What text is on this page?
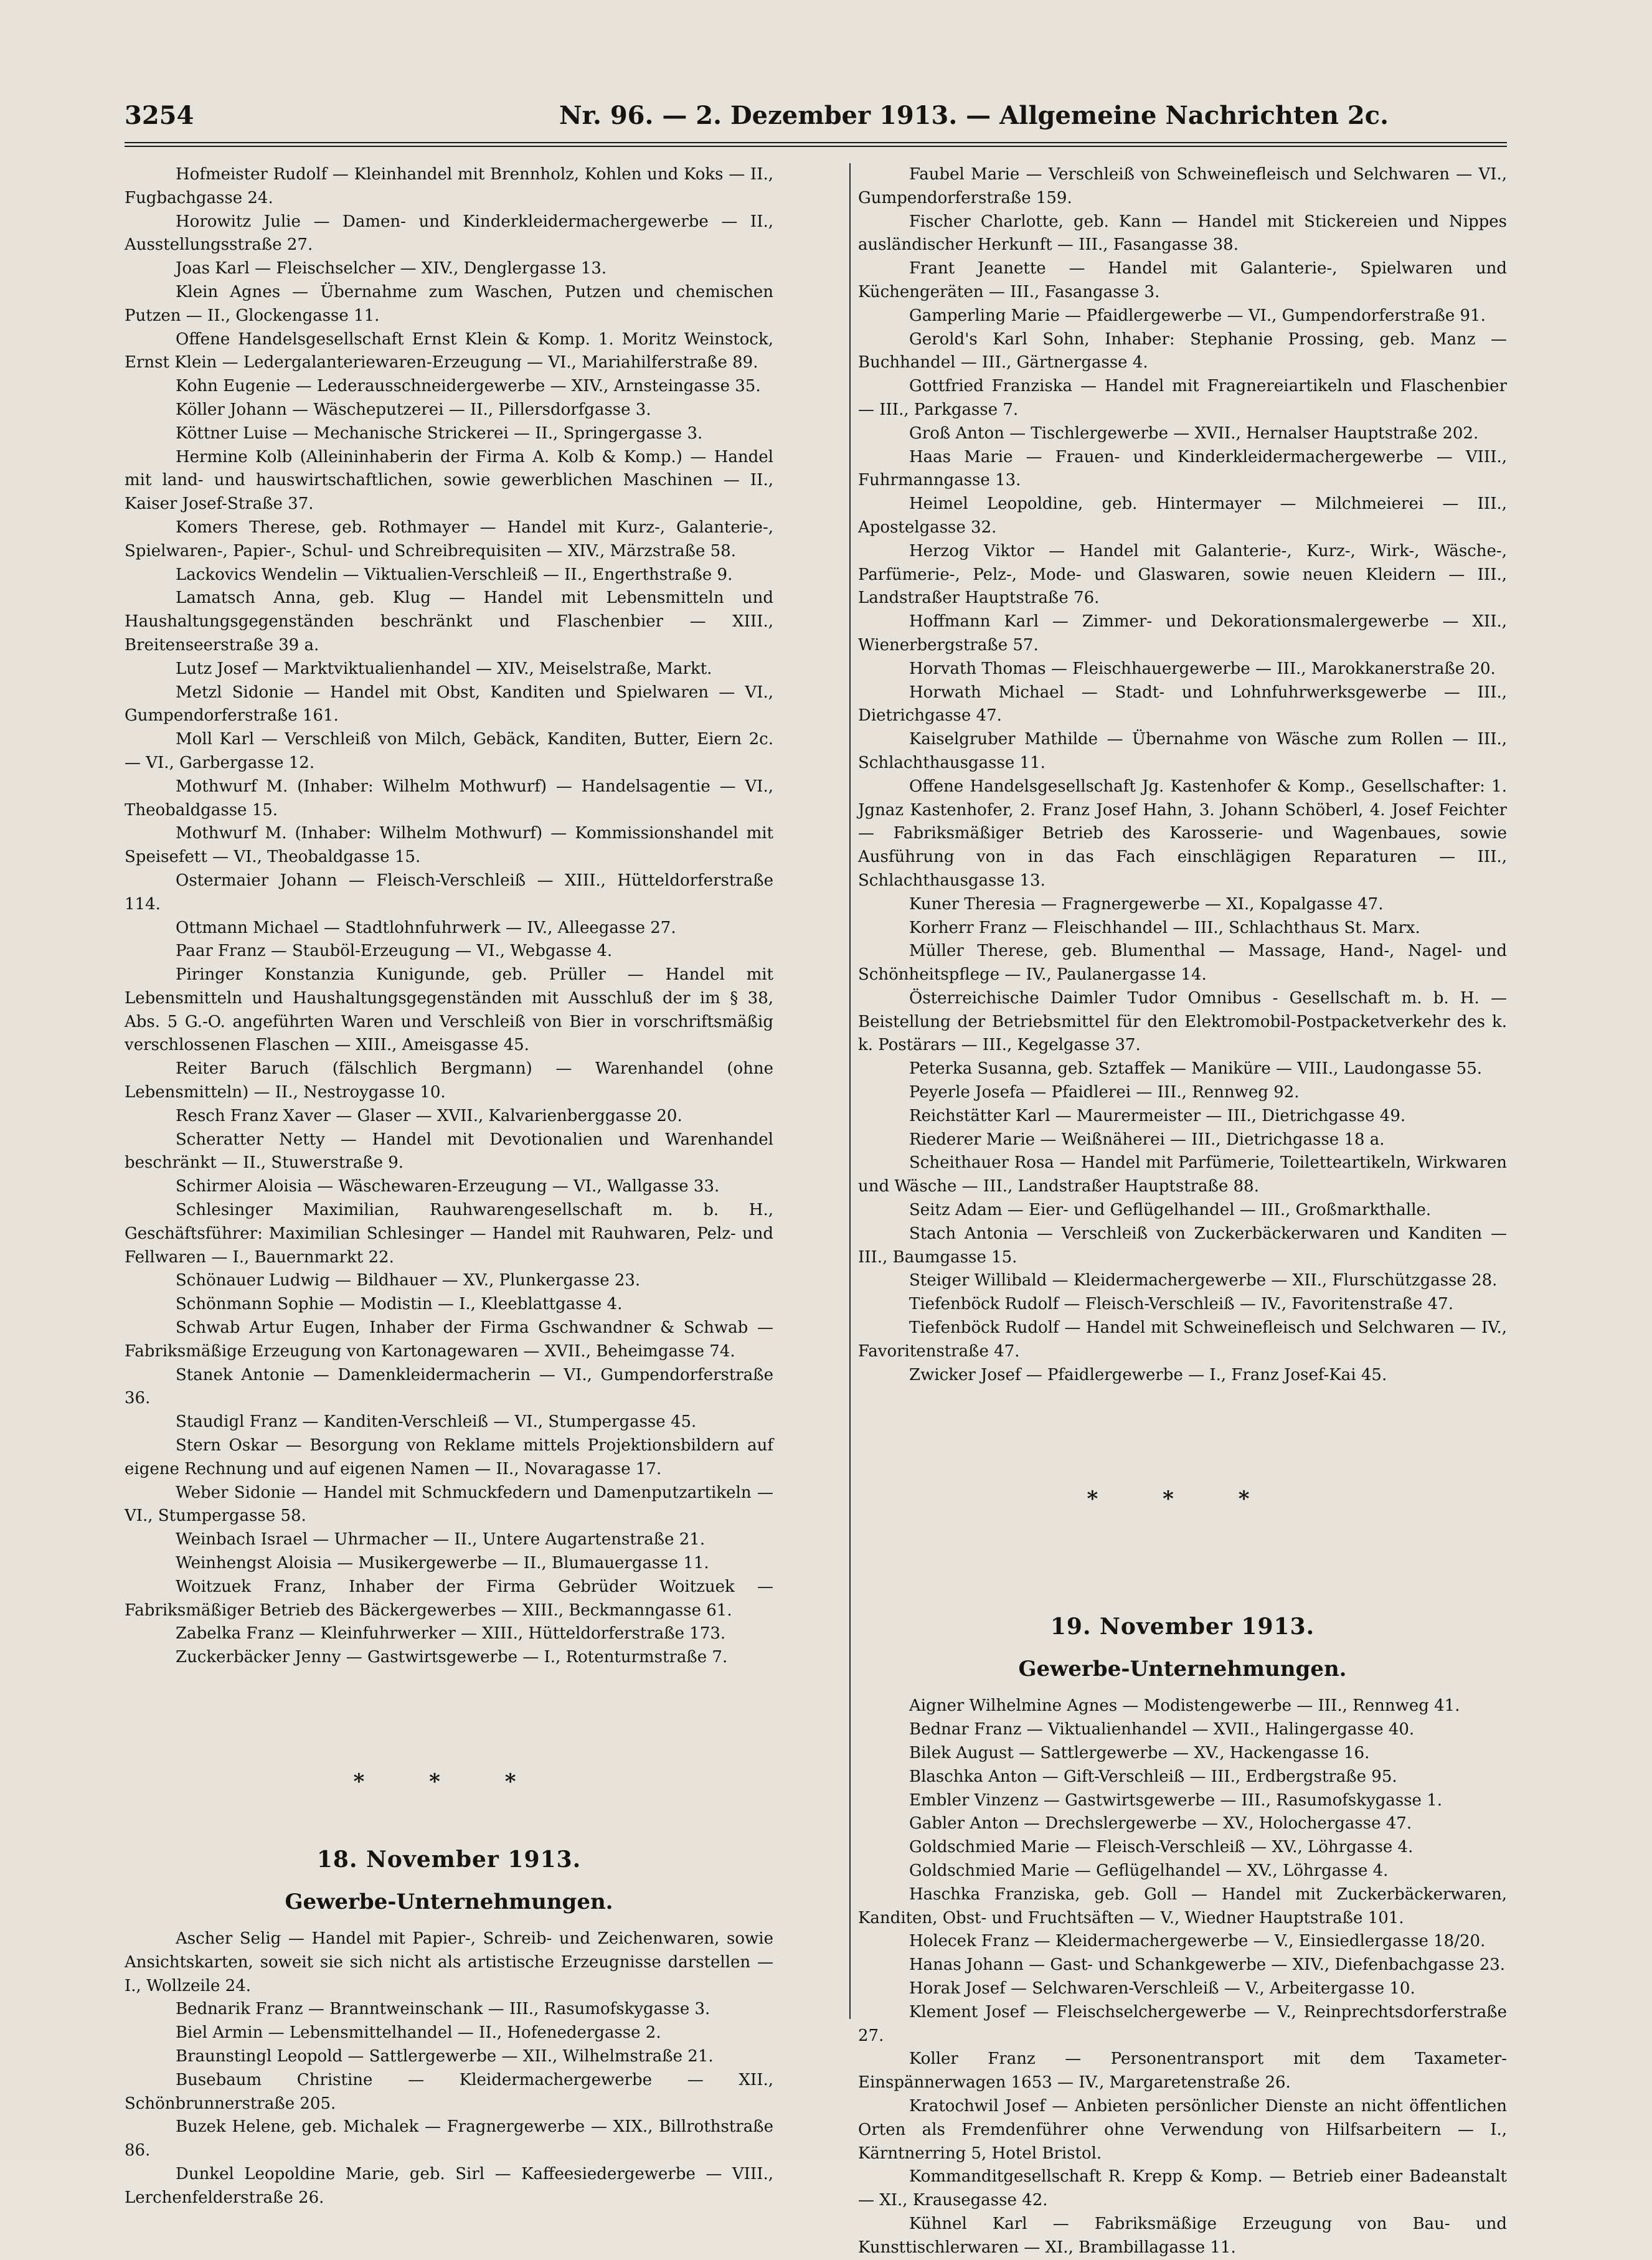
3254	Nr. 96. — 2. Dezember 1913. — Allgemeine Nachrichten 2c.

Hofmeister Rudolf — Kleinhandel mit Brennholz, Kohlen und Koks — II., Fugbachgasse 24.

Horowitz Julie — Damen- und Kinderkleidermachergewerbe — II., Ausstellungsstraße 27.

Joas Karl — Fleischselcher — XIV., Denglergasse 13.

Klein Agnes — Übernahme zum Waschen, Putzen und chemischen Putzen — II., Glockengasse 11.

Offene Handelsgesellschaft Ernst Klein & Komp. 1. Moritz Weinstock, Ernst Klein — Ledergalanteriewaren-Erzeugung — VI., Mariahilferstraße 89.

Kohn Eugenie — Lederausschneidergewerbe — XIV., Arnsteingasse 35.

Köller Johann — Wäscheputzerei — II., Pillersdorfgasse 3.

Köttner Luise — Mechanische Strickerei — II., Springergasse 3.

Hermine Kolb (Alleininhaberin der Firma A. Kolb & Komp.) — Handel mit land- und hauswirtschaftlichen, sowie gewerblichen Maschinen — II., Kaiser Josef-Straße 37.

Komers Therese, geb. Rothmayer — Handel mit Kurz-, Galanterie-, Spielwaren-, Papier-, Schul- und Schreibrequisiten — XIV., Märzstraße 58.

Lackovics Wendelin — Viktualien-Verschleiß — II., Engerthstraße 9.

Lamatsch Anna, geb. Klug — Handel mit Lebensmitteln und Haushaltungsgegenständen beschränkt und Flaschenbier — XIII., Breitenseerstraße 39 a.

Lutz Josef — Marktviktualienhandel — XIV., Meiselstraße, Markt.

Metzl Sidonie — Handel mit Obst, Kanditen und Spielwaren — VI., Gumpendorferstraße 161.

Moll Karl — Verschleiß von Milch, Gebäck, Kanditen, Butter, Eiern 2c. — VI., Garbergasse 12.

Mothwurf M. (Inhaber: Wilhelm Mothwurf) — Handelsagentie — VI., Theobaldgasse 15.

Mothwurf M. (Inhaber: Wilhelm Mothwurf) — Kommissionshandel mit Speisefett — VI., Theobaldgasse 15.

Ostermaier Johann — Fleisch-Verschleiß — XIII., Hütteldorferstraße 114.

Ottmann Michael — Stadtlohnfuhrwerk — IV., Alleegasse 27.

Paar Franz — Stauböl-Erzeugung — VI., Webgasse 4.

Piringer Konstanzia Kunigunde, geb. Prüller — Handel mit Lebensmitteln und Haushaltungsgegenständen mit Ausschluß der im § 38, Abs. 5 G.-O. angeführten Waren und Verschleiß von Bier in vorschriftsmäßig verschlossenen Flaschen — XIII., Ameisgasse 45.

Reiter Baruch (fälschlich Bergmann) — Warenhandel (ohne Lebensmitteln) — II., Nestroygasse 10.

Resch Franz Xaver — Glaser — XVII., Kalvarienberggasse 20.

Scheratter Netty — Handel mit Devotionalien und Warenhandel beschränkt — II., Stuwerstraße 9.

Schirmer Aloisia — Wäschewaren-Erzeugung — VI., Wallgasse 33.

Schlesinger Maximilian, Rauhwarengesellschaft m. b. H., Geschäftsführer: Maximilian Schlesinger — Handel mit Rauhwaren, Pelz- und Fellwaren — I., Bauernmarkt 22.

Schönauer Ludwig — Bildhauer — XV., Plunkergasse 23.

Schönmann Sophie — Modistin — I., Kleeblattgasse 4.

Schwab Artur Eugen, Inhaber der Firma Gschwandner & Schwab — Fabriksmäßige Erzeugung von Kartonagewaren — XVII., Beheimgasse 74.

Stanek Antonie — Damenkleidermacherin — VI., Gumpendorferstraße 36.

Staudigl Franz — Kanditen-Verschleiß — VI., Stumpergasse 45.

Stern Oskar — Besorgung von Reklame mittels Projektionsbildern auf eigene Rechnung und auf eigenen Namen — II., Novaragasse 17.

Weber Sidonie — Handel mit Schmuckfedern und Damenputzartikeln — VI., Stumpergasse 58.

Weinbach Israel — Uhrmacher — II., Untere Augartenstraße 21.

Weinhengst Aloisia — Musikergewerbe — II., Blumauergasse 11.

Woitzuek Franz, Inhaber der Firma Gebrüder Woitzuek — Fabriksmäßiger Betrieb des Bäckergewerbes — XIII., Beckmanngasse 61.

Zabelka Franz — Kleinfuhrwerker — XIII., Hütteldorferstraße 173.

Zuckerbäcker Jenny — Gastwirtsgewerbe — I., Rotenturmstraße 7.

* * *
18. November 1913.
Gewerbe-Unternehmungen.

Ascher Selig — Handel mit Papier-, Schreib- und Zeichenwaren, sowie Ansichtskarten, soweit sie sich nicht als artistische Erzeugnisse darstellen — I., Wollzeile 24.

Bednarik Franz — Branntweinschank — III., Rasumofskygasse 3.

Biel Armin — Lebensmittelhandel — II., Hofenedergasse 2.

Braunstingl Leopold — Sattlergewerbe — XII., Wilhelmstraße 21.

Busebaum Christine — Kleidermachergewerbe — XII., Schönbrunnerstraße 205.

Buzek Helene, geb. Michalek — Fragnergewerbe — XIX., Billrothstraße 86.

Dunkel Leopoldine Marie, geb. Sirl — Kaffeesiedergewerbe — VIII., Lerchenfelderstraße 26.

Faubel Marie — Verschleiß von Schweinefleisch und Selchwaren — VI., Gumpendorferstraße 159.

Fischer Charlotte, geb. Kann — Handel mit Stickereien und Nippes ausländischer Herkunft — III., Fasangasse 38.

Frant Jeanette — Handel mit Galanterie-, Spielwaren und Küchengeräten — III., Fasangasse 3.

Gamperling Marie — Pfaidlergewerbe — VI., Gumpendorferstraße 91.

Gerold's Karl Sohn, Inhaber: Stephanie Prossing, geb. Manz — Buchhandel — III., Gärtnergasse 4.

Gottfried Franziska — Handel mit Fragnereiartikeln und Flaschenbier — III., Parkgasse 7.

Groß Anton — Tischlergewerbe — XVII., Hernalser Hauptstraße 202.

Haas Marie — Frauen- und Kinderkleidermachergewerbe — VIII., Fuhrmanngasse 13.

Heimel Leopoldine, geb. Hintermayer — Milchmeierei — III., Apostelgasse 32.

Herzog Viktor — Handel mit Galanterie-, Kurz-, Wirk-, Wäsche-, Parfümerie-, Pelz-, Mode- und Glaswaren, sowie neuen Kleidern — III., Landstraßer Hauptstraße 76.

Hoffmann Karl — Zimmer- und Dekorationsmalergewerbe — XII., Wienerbergstraße 57.

Horvath Thomas — Fleischhauergewerbe — III., Marokkanerstraße 20.

Horwath Michael — Stadt- und Lohnfuhrwerksgewerbe — III., Dietrichgasse 47.

Kaiselgruber Mathilde — Übernahme von Wäsche zum Rollen — III., Schlachthausgasse 11.

Offene Handelsgesellschaft Jg. Kastenhofer & Komp., Gesellschafter: 1. Jgnaz Kastenhofer, 2. Franz Josef Hahn, 3. Johann Schöberl, 4. Josef Feichter — Fabriksmäßiger Betrieb des Karosserie- und Wagenbaues, sowie Ausführung von in das Fach einschlägigen Reparaturen — III., Schlachthausgasse 13.

Kuner Theresia — Fragnergewerbe — XI., Kopalgasse 47.

Korherr Franz — Fleischhandel — III., Schlachthaus St. Marx.

Müller Therese, geb. Blumenthal — Massage, Hand-, Nagel- und Schönheitspflege — IV., Paulanergasse 14.

Österreichische Daimler Tudor Omnibus - Gesellschaft m. b. H. — Beistellung der Betriebsmittel für den Elektromobil-Postpacketverkehr des k. k. Postärars — III., Kegelgasse 37.

Peterka Susanna, geb. Sztaffek — Maniküre — VIII., Laudongasse 55.

Peyerle Josefa — Pfaidlerei — III., Rennweg 92.

Reichstätter Karl — Maurermeister — III., Dietrichgasse 49.

Riederer Marie — Weißnäherei — III., Dietrichgasse 18 a.

Scheithauer Rosa — Handel mit Parfümerie, Toiletteartikeln, Wirkwaren und Wäsche — III., Landstraßer Hauptstraße 88.

Seitz Adam — Eier- und Geflügelhandel — III., Großmarkthalle.

Stach Antonia — Verschleiß von Zuckerbäckerwaren und Kanditen — III., Baumgasse 15.

Steiger Willibald — Kleidermachergewerbe — XII., Flurschützgasse 28.

Tiefenböck Rudolf — Fleisch-Verschleiß — IV., Favoritenstraße 47.

Tiefenböck Rudolf — Handel mit Schweinefleisch und Selchwaren — IV., Favoritenstraße 47.

Zwicker Josef — Pfaidlergewerbe — I., Franz Josef-Kai 45.

* * *
19. November 1913.
Gewerbe-Unternehmungen.

Aigner Wilhelmine Agnes — Modistengewerbe — III., Rennweg 41.

Bednar Franz — Viktualienhandel — XVII., Halingergasse 40.

Bilek August — Sattlergewerbe — XV., Hackengasse 16.

Blaschka Anton — Gift-Verschleiß — III., Erdbergstraße 95.

Embler Vinzenz — Gastwirtsgewerbe — III., Rasumofskygasse 1.

Gabler Anton — Drechslergewerbe — XV., Holochergasse 47.

Goldschmied Marie — Fleisch-Verschleiß — XV., Löhrgasse 4.

Goldschmied Marie — Geflügelhandel — XV., Löhrgasse 4.

Haschka Franziska, geb. Goll — Handel mit Zuckerbäckerwaren, Kanditen, Obst- und Fruchtsäften — V., Wiedner Hauptstraße 101.

Holecek Franz — Kleidermachergewerbe — V., Einsiedlergasse 18/20.

Hanas Johann — Gast- und Schankgewerbe — XIV., Diefenbachgasse 23.

Horak Josef — Selchwaren-Verschleiß — V., Arbeitergasse 10.

Klement Josef — Fleischselchergewerbe — V., Reinprechtsdorferstraße 27.

Koller Franz — Personentransport mit dem Taxameter-Einspännerwagen 1653 — IV., Margaretenstraße 26.

Kratochwil Josef — Anbieten persönlicher Dienste an nicht öffentlichen Orten als Fremdenführer ohne Verwendung von Hilfsarbeitern — I., Kärntnerring 5, Hotel Bristol.

Kommanditgesellschaft R. Krepp & Komp. — Betrieb einer Badeanstalt — XI., Krausegasse 42.

Kühnel Karl — Fabriksmäßige Erzeugung von Bau- und Kunsttischlerwaren — XI., Brambillagasse 11.
